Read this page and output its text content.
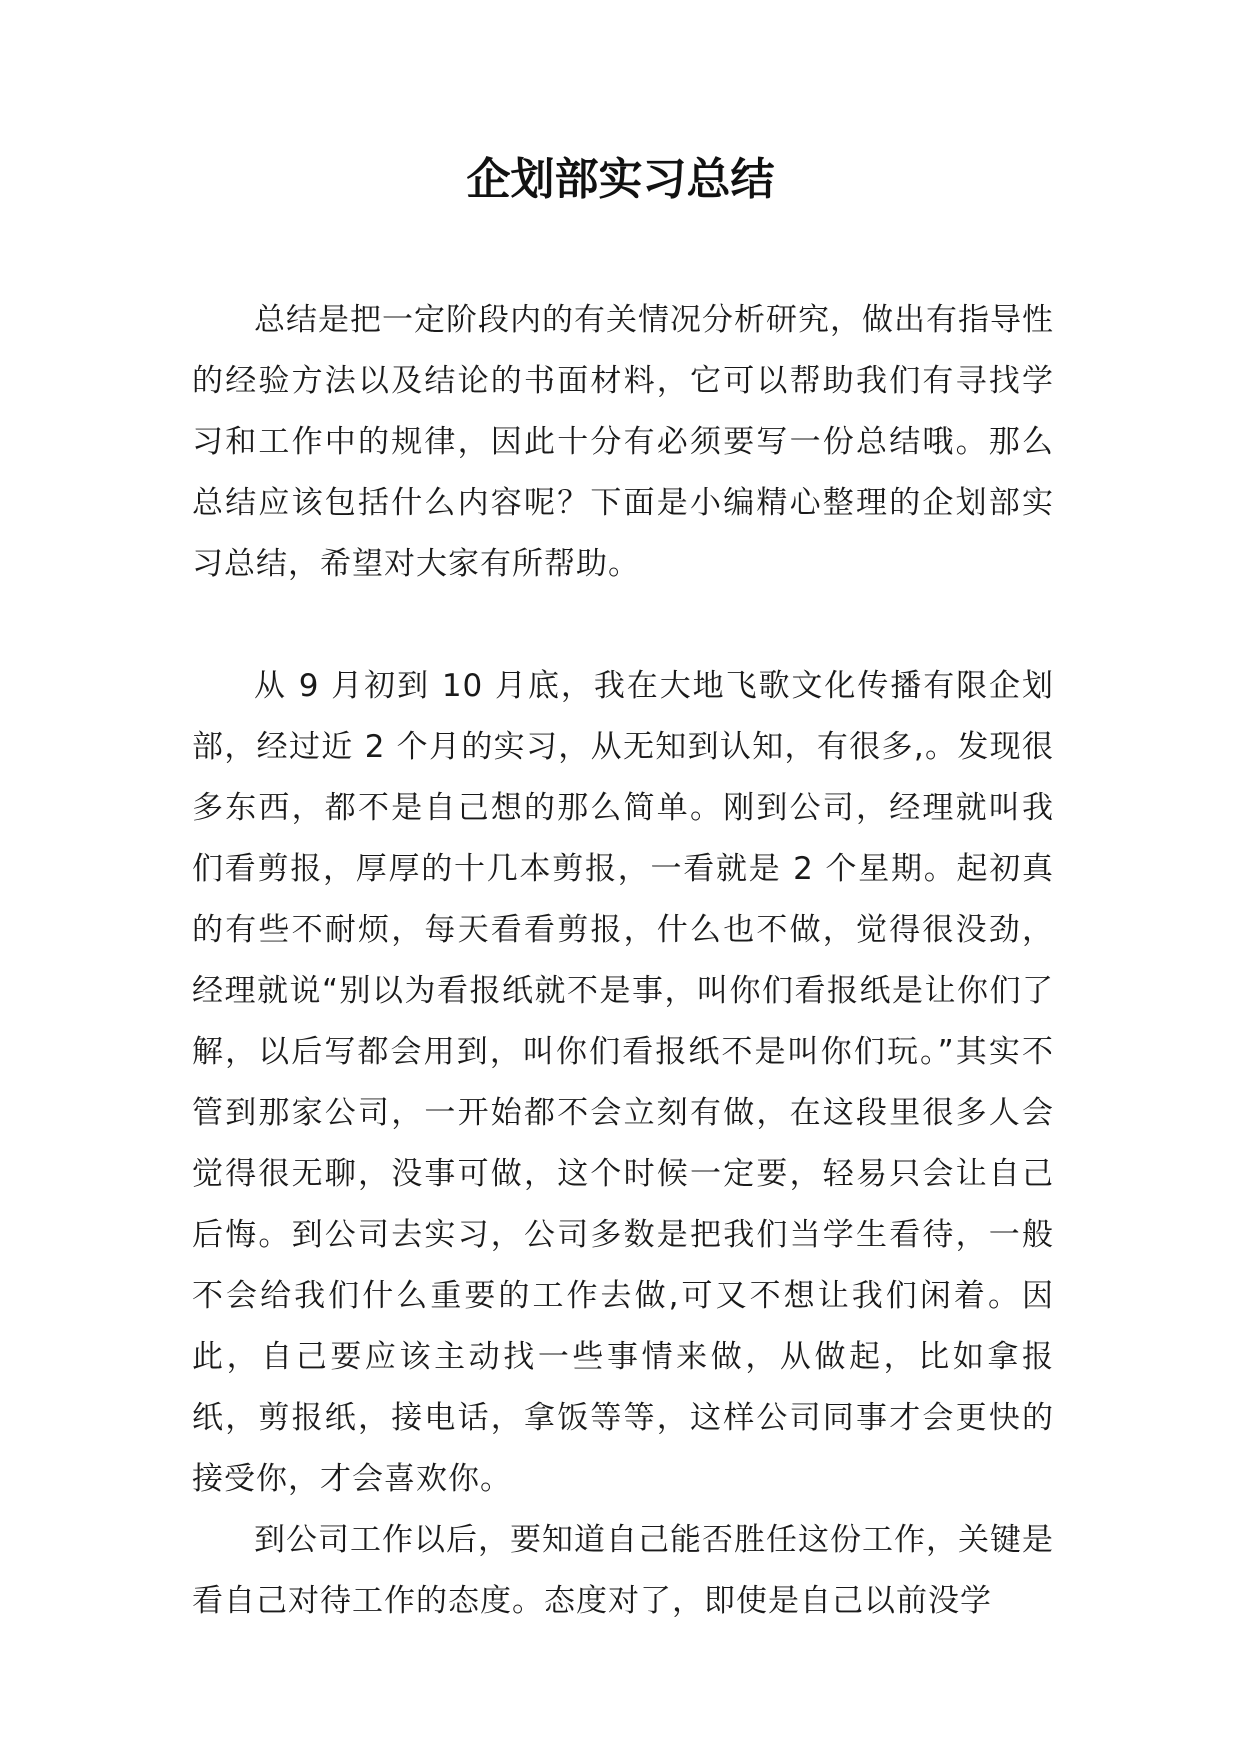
企划部实习总结

总结是把一定阶段内的有关情况分析研究，做出有指导性的经验方法以及结论的书面材料，它可以帮助我们有寻找学习和工作中的规律，因此十分有必须要写一份总结哦。那么总结应该包括什么内容呢？下面是小编精心整理的企划部实习总结，希望对大家有所帮助。

从 9 月初到 10 月底，我在大地飞歌文化传播有限企划部，经过近 2 个月的实习，从无知到认知，有很多,。发现很多东西，都不是自己想的那么简单。刚到公司，经理就叫我们看剪报，厚厚的十几本剪报，一看就是 2 个星期。起初真的有些不耐烦，每天看看剪报，什么也不做，觉得很没劲，经理就说“别以为看报纸就不是事，叫你们看报纸是让你们了解，以后写都会用到，叫你们看报纸不是叫你们玩。”其实不管到那家公司，一开始都不会立刻有做，在这段里很多人会觉得很无聊，没事可做，这个时候一定要，轻易只会让自己后悔。到公司去实习，公司多数是把我们当学生看待，一般不会给我们什么重要的工作去做,可又不想让我们闲着。因此，自己要应该主动找一些事情来做，从做起，比如拿报纸，剪报纸，接电话，拿饭等等，这样公司同事才会更快的接受你，才会喜欢你。

到公司工作以后，要知道自己能否胜任这份工作，关键是看自己对待工作的态度。态度对了，即使是自己以前没学
